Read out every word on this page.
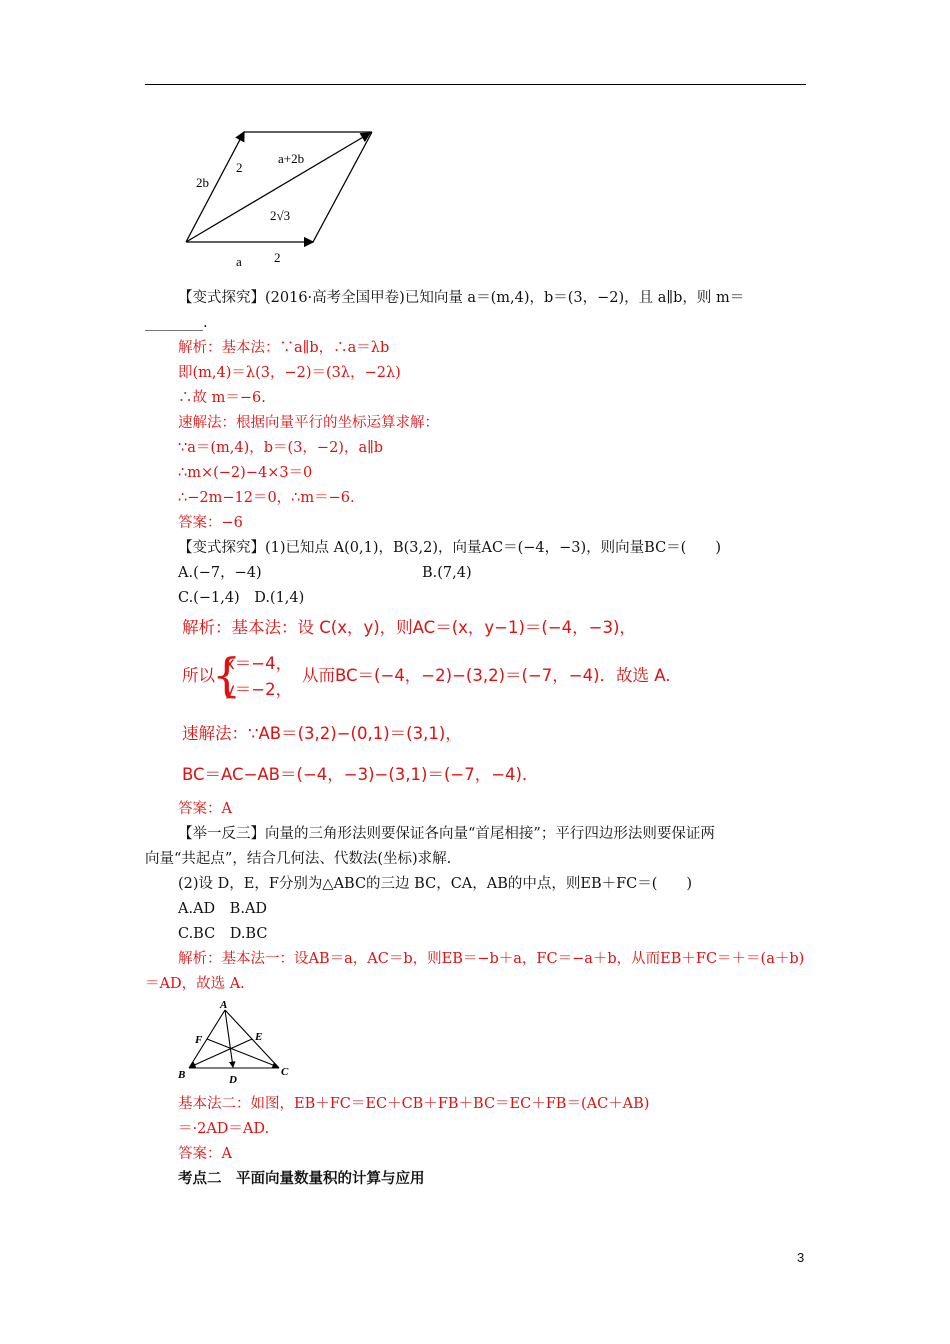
2b
2
a+2b
2√3
a 2
【变式探究】(2016·高考全国甲卷)已知向量 a＝(m,4)，b＝(3，−2)，且 a∥b，则 m＝
________.
解析：基本法：∵a∥b，∴a＝λb
即(m,4)＝λ(3，−2)＝(3λ，−2λ)
∴故 m＝−6.
速解法：根据向量平行的坐标运算求解：
∵a＝(m,4)，b＝(3，−2)，a∥b
∴m×(−2)−4×3＝0
∴−2m−12＝0，∴m＝−6.
答案：−6
【变式探究】(1)已知点 A(0,1)，B(3,2)，向量AC＝(−4，−3)，则向量BC＝(　　)
A.(−7，−4)	B.(7,4)
C.(−1,4)　D.(1,4)
解析：基本法：设 C(x，y)，则AC＝(x，y−1)＝(−4，−3)，
所以
{
x＝−4，
y＝−2，
从而BC＝(−4，−2)−(3,2)＝(−7，−4)．故选 A.
速解法：∵AB＝(3,2)−(0,1)＝(3,1)，
BC＝AC−AB＝(−4，−3)−(3,1)＝(−7，−4)．
答案：A
【举一反三】向量的三角形法则要保证各向量“首尾相接”；平行四边形法则要保证两
向量“共起点”，结合几何法、代数法(坐标)求解.
(2)设 D，E，F分别为△ABC的三边 BC，CA，AB的中点，则EB＋FC＝(　　)
A.AD　B.AD
C.BC　D.BC
解析：基本法一：设AB＝a，AC＝b，则EB＝−b＋a，FC＝−a＋b，从而EB＋FC＝＋＝(a＋b)
＝AD，故选 A.
A
B	C
D
E
F
基本法二：如图，EB＋FC＝EC＋CB＋FB＋BC＝EC＋FB＝(AC＋AB)
＝·2AD＝AD.
答案：A
考点二　平面向量数量积的计算与应用
3
